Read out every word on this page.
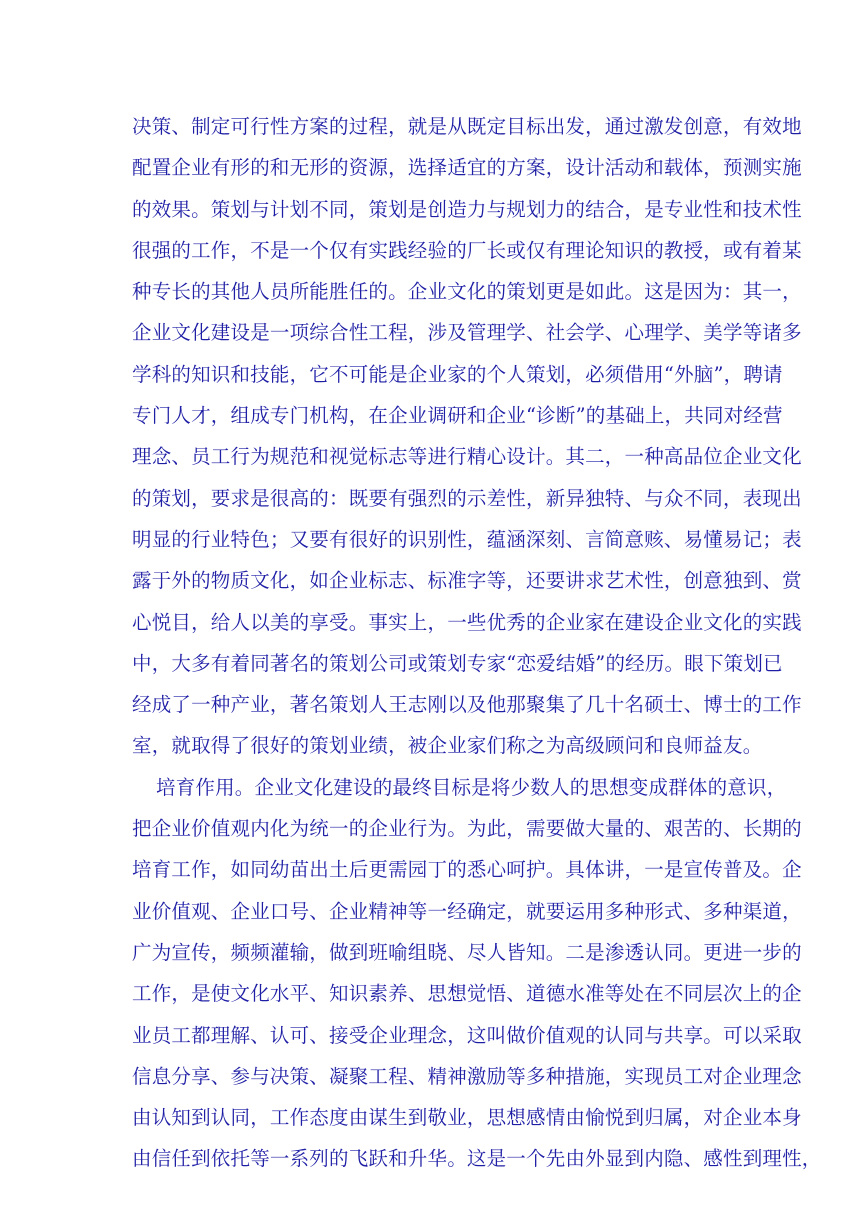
决策、制定可行性方案的过程，就是从既定目标出发，通过激发创意，有效地
配置企业有形的和无形的资源，选择适宜的方案，设计活动和载体，预测实施
的效果。策划与计划不同，策划是创造力与规划力的结合，是专业性和技术性
很强的工作，不是一个仅有实践经验的厂长或仅有理论知识的教授，或有着某
种专长的其他人员所能胜任的。企业文化的策划更是如此。这是因为：其一，
企业文化建设是一项综合性工程，涉及管理学、社会学、心理学、美学等诸多
学科的知识和技能，它不可能是企业家的个人策划，必须借用“外脑”，聘请
专门人才，组成专门机构，在企业调研和企业“诊断”的基础上，共同对经营
理念、员工行为规范和视觉标志等进行精心设计。其二，一种高品位企业文化
的策划，要求是很高的：既要有强烈的示差性，新异独特、与众不同，表现出
明显的行业特色；又要有很好的识别性，蕴涵深刻、言简意赅、易懂易记；表
露于外的物质文化，如企业标志、标准字等，还要讲求艺术性，创意独到、赏
心悦目，给人以美的享受。事实上，一些优秀的企业家在建设企业文化的实践
中，大多有着同著名的策划公司或策划专家“恋爱结婚”的经历。眼下策划已
经成了一种产业，著名策划人王志刚以及他那聚集了几十名硕士、博士的工作
室，就取得了很好的策划业绩，被企业家们称之为高级顾问和良师益友。
培育作用。企业文化建设的最终目标是将少数人的思想变成群体的意识，
把企业价值观内化为统一的企业行为。为此，需要做大量的、艰苦的、长期的
培育工作，如同幼苗出土后更需园丁的悉心呵护。具体讲，一是宣传普及。企
业价值观、企业口号、企业精神等一经确定，就要运用多种形式、多种渠道，
广为宣传，频频灌输，做到班喻组晓、尽人皆知。二是渗透认同。更进一步的
工作，是使文化水平、知识素养、思想觉悟、道德水准等处在不同层次上的企
业员工都理解、认可、接受企业理念，这叫做价值观的认同与共享。可以采取
信息分享、参与决策、凝聚工程、精神激励等多种措施，实现员工对企业理念
由认知到认同，工作态度由谋生到敬业，思想感情由愉悦到归属，对企业本身
由信任到依托等一系列的飞跃和升华。这是一个先由外显到内隐、感性到理性，
